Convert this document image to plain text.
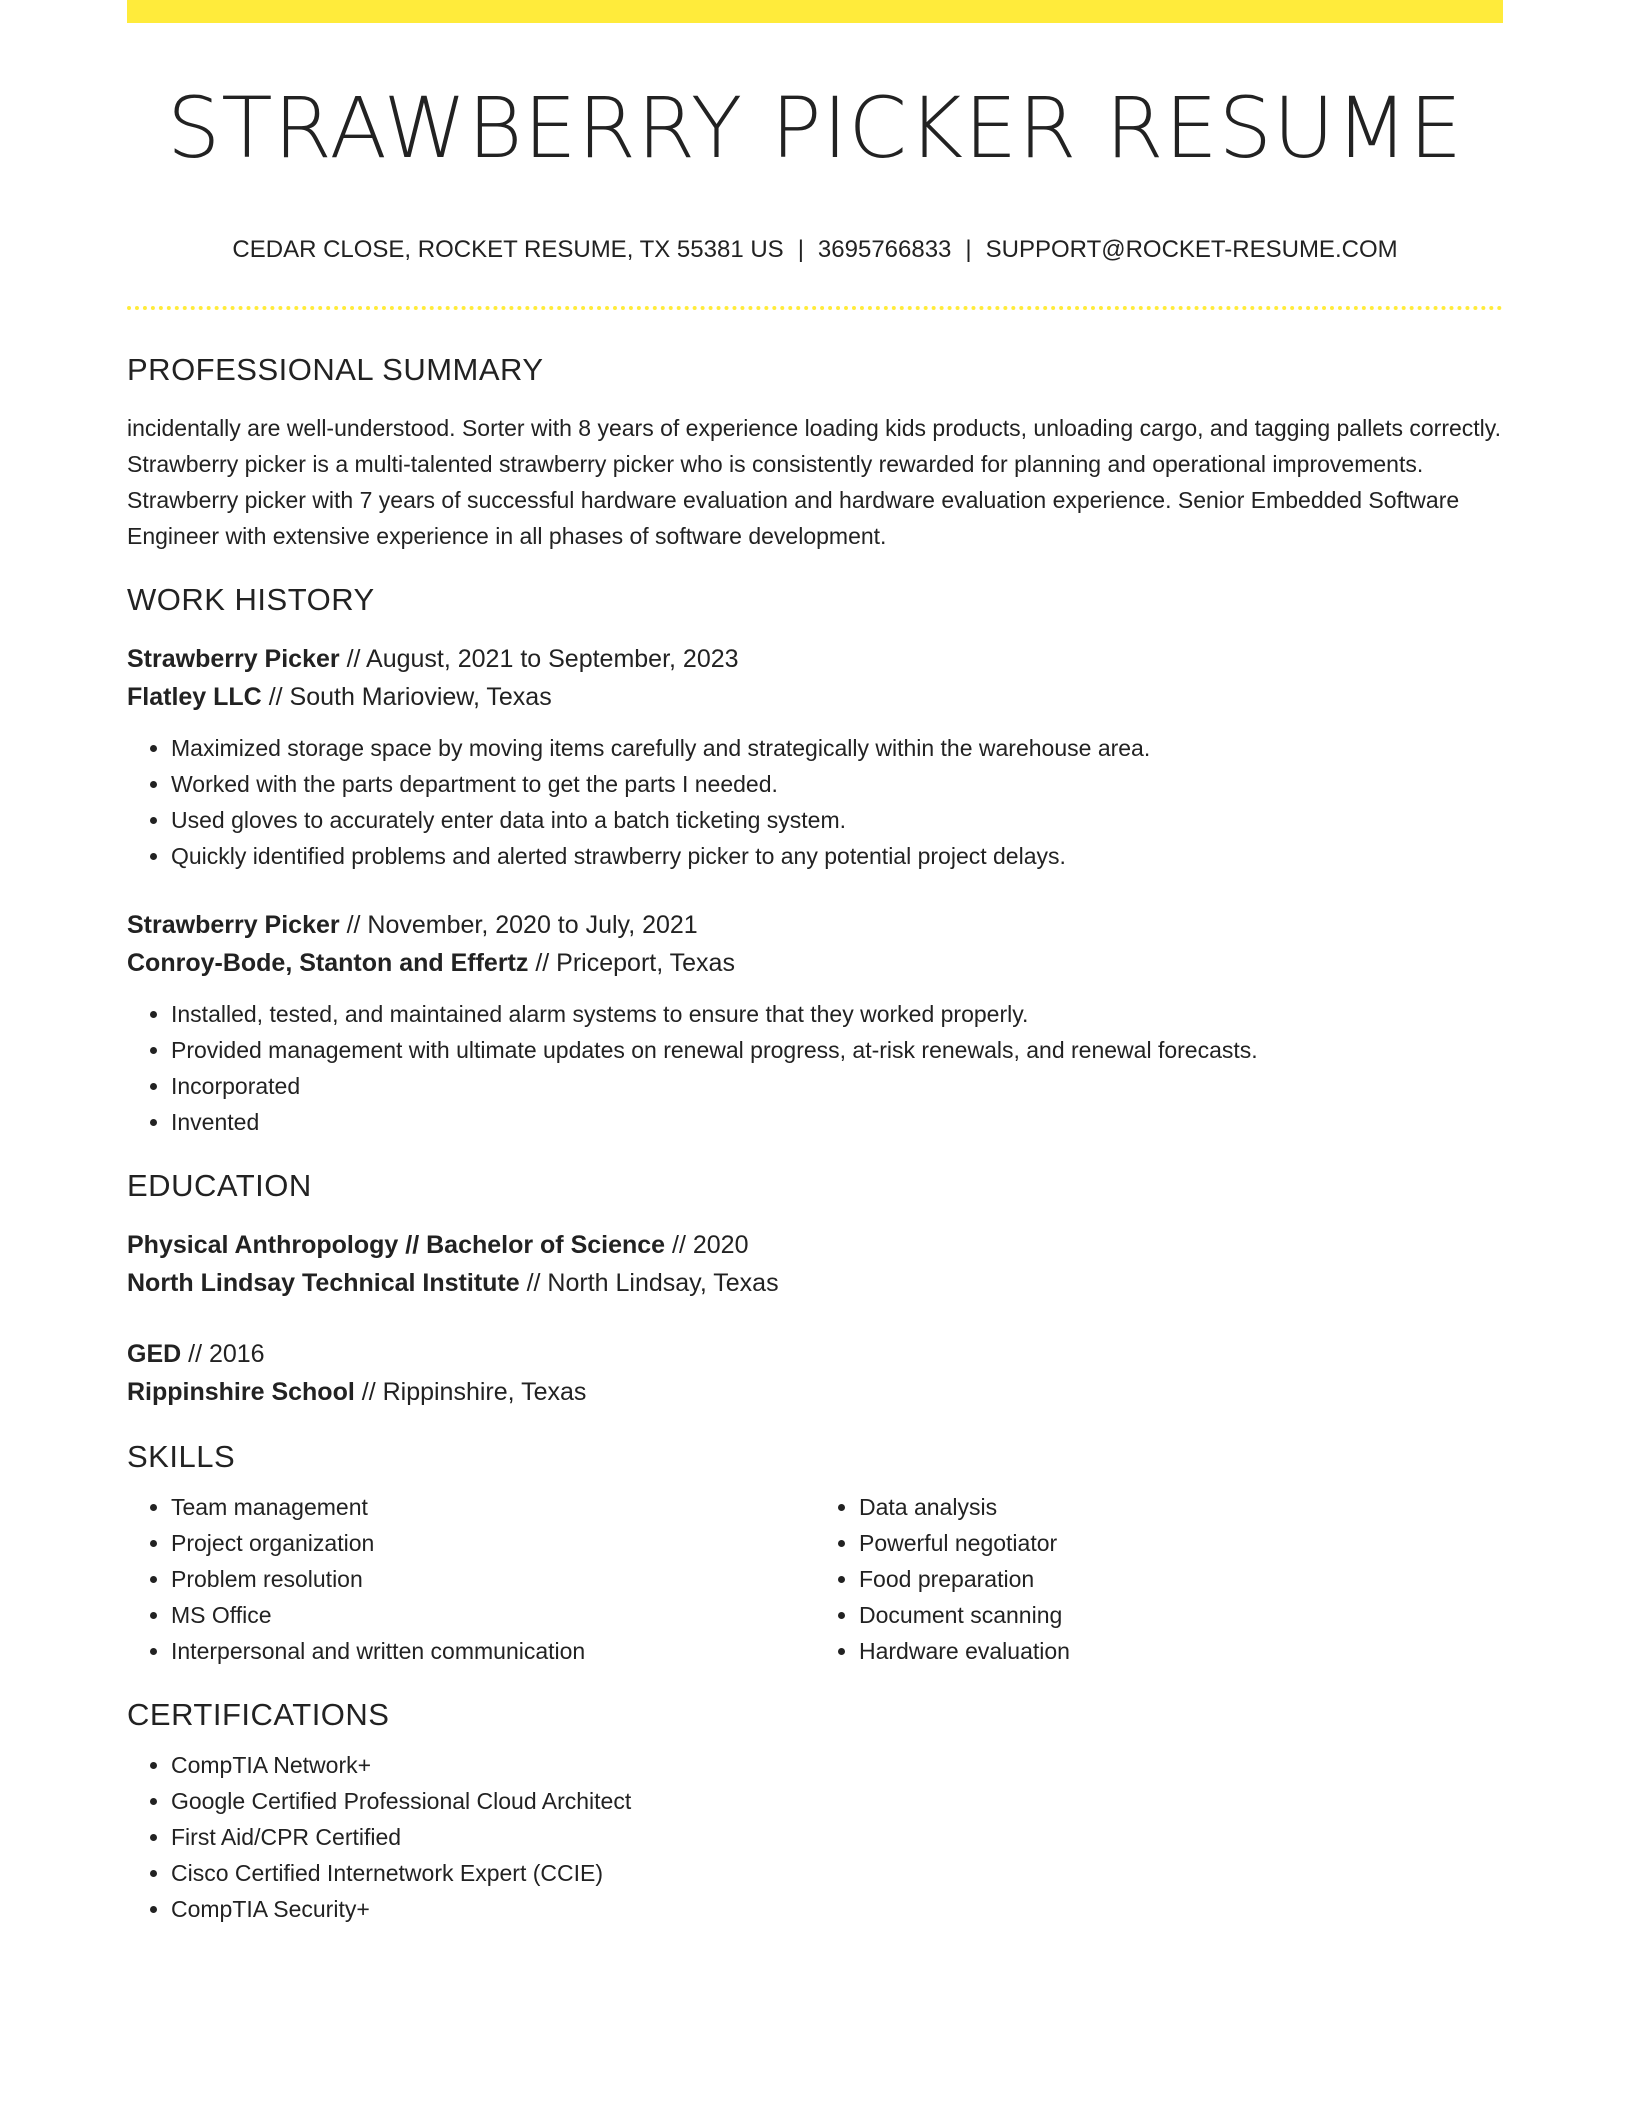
STRAWBERRY PICKER RESUME
CEDAR CLOSE, ROCKET RESUME, TX 55381 US | 3695766833 | SUPPORT@ROCKET-RESUME.COM
PROFESSIONAL SUMMARY

incidentally are well-understood. Sorter with 8 years of experience loading kids products, unloading cargo, and tagging pallets correctly. Strawberry picker is a multi-talented strawberry picker who is consistently rewarded for planning and operational improvements. Strawberry picker with 7 years of successful hardware evaluation and hardware evaluation experience. Senior Embedded Software Engineer with extensive experience in all phases of software development.

WORK HISTORY
Strawberry Picker // August, 2021 to September, 2023
Flatley LLC // South Marioview, Texas
• Maximized storage space by moving items carefully and strategically within the warehouse area.
• Worked with the parts department to get the parts I needed.
• Used gloves to accurately enter data into a batch ticketing system.
• Quickly identified problems and alerted strawberry picker to any potential project delays.
Strawberry Picker // November, 2020 to July, 2021
Conroy-Bode, Stanton and Effertz // Priceport, Texas
• Installed, tested, and maintained alarm systems to ensure that they worked properly.
• Provided management with ultimate updates on renewal progress, at-risk renewals, and renewal forecasts.
• Incorporated
• Invented
EDUCATION
Physical Anthropology // Bachelor of Science // 2020
North Lindsay Technical Institute // North Lindsay, Texas
GED // 2016
Rippinshire School // Rippinshire, Texas
SKILLS
• Team management
• Project organization
• Problem resolution
• MS Office
• Interpersonal and written communication
• Data analysis
• Powerful negotiator
• Food preparation
• Document scanning
• Hardware evaluation
CERTIFICATIONS
• CompTIA Network+
• Google Certified Professional Cloud Architect
• First Aid/CPR Certified
• Cisco Certified Internetwork Expert (CCIE)
• CompTIA Security+
